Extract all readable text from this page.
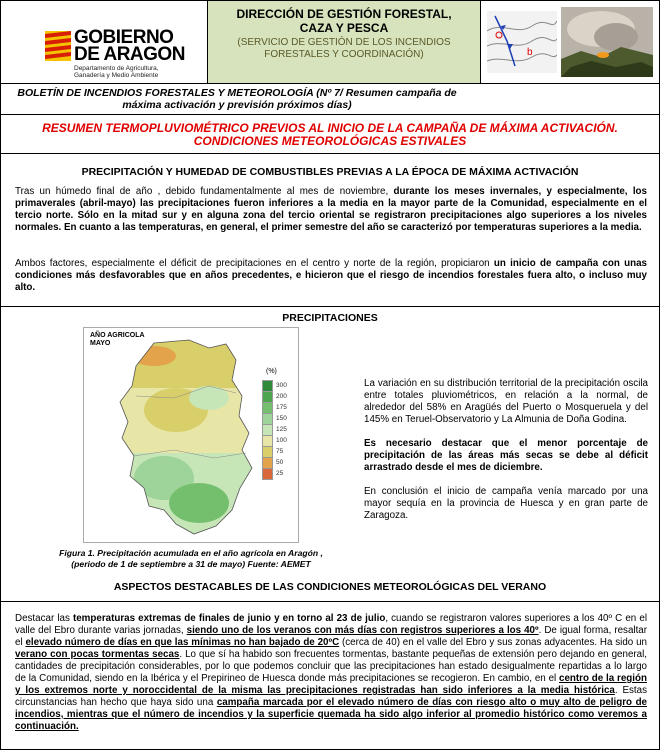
GOBIERNO
DE ARAGON
Departamento de Agricultura,
Ganadería y Medio Ambiente
DIRECCIÓN DE GESTIÓN FORESTAL, CAZA Y PESCA
(SERVICIO DE GESTIÓN DE LOS INCENDIOS FORESTALES Y COORDINACIÓN)	b
BOLETÍN DE INCENDIOS FORESTALES Y METEOROLOGÍA (Nº 7/ Resumen campaña de máxima activación y previsión próximos días)
RESUMEN TERMOPLUVIOMÉTRICO PREVIOS AL INICIO DE LA CAMPAÑA DE MÁXIMA ACTIVACIÓN. CONDICIONES METEOROLÓGICAS ESTIVALES
PRECIPITACIÓN Y HUMEDAD DE COMBUSTIBLES PREVIAS A LA ÉPOCA DE MÁXIMA ACTIVACIÓN
Tras un húmedo final de año , debido fundamentalmente al mes de noviembre, durante los meses invernales, y especialmente, los primaverales (abril-mayo) las precipitaciones fueron inferiores a la media en la mayor parte de la Comunidad, especialmente en el tercio norte. Sólo en la mitad sur y en alguna zona del tercio oriental se registraron precipitaciones algo superiores a los niveles normales. En cuanto a las temperaturas, en general, el primer semestre del año se caracterizó por temperaturas superiores a la media.
Ambos factores, especialmente el déficit de precipitaciones en el centro y norte de la región, propiciaron un inicio de campaña con unas condiciones más desfavorables que en años precedentes, e hicieron que el riesgo de incendios forestales fuera alto, o incluso muy alto.
PRECIPITACIONES
AÑO AGRICOLA
MAYO
(%)
300
200
175
150
125
100
75
50
25
Figura 1. Precipitación acumulada en el año agrícola en Aragón ,
(periodo de 1 de septiembre a 31 de mayo) Fuente: AEMET
La variación en su distribución territorial de la precipitación oscila entre totales pluviométricos, en relación a la normal, de alrededor del 58% en Aragüés del Puerto o Mosqueruela y del 145% en Teruel-Observatorio y La Almunia de Doña Godina.
Es necesario destacar que el menor porcentaje de precipitación de las áreas más secas se debe al déficit arrastrado desde el mes de diciembre.
En conclusión el inicio de campaña venía marcado por una mayor sequía en la provincia de Huesca y en gran parte de Zaragoza.
ASPECTOS DESTACABLES DE LAS CONDICIONES METEOROLÓGICAS DEL VERANO
Destacar las temperaturas extremas de finales de junio y en torno al 23 de julio, cuando se registraron valores superiores a los 40º C en el valle del Ebro durante varias jornadas, siendo uno de los veranos con más días con registros superiores a los 40º. De igual forma, resaltar el elevado número de días en que las mínimas no han bajado de 20ºC (cerca de 40) en el valle del Ebro y sus zonas adyacentes. Ha sido un verano con pocas tormentas secas. Lo que sí ha habido son frecuentes tormentas, bastante pequeñas de extensión pero dejando en general, cantidades de precipitación considerables, por lo que podemos concluir que las precipitaciones han estado desigualmente repartidas a lo largo de la Comunidad, siendo en la Ibérica y el Prepirineo de Huesca donde más precipitaciones se recogieron. En cambio, en el centro de la región y los extremos norte y noroccidental de la misma las precipitaciones registradas han sido inferiores a la media histórica. Estas circunstancias han hecho que haya sido una campaña marcada por el elevado número de días con riesgo alto o muy alto de peligro de incendios, mientras que el número de incendios y la superficie quemada ha sido algo inferior al promedio histórico como veremos a continuación.
